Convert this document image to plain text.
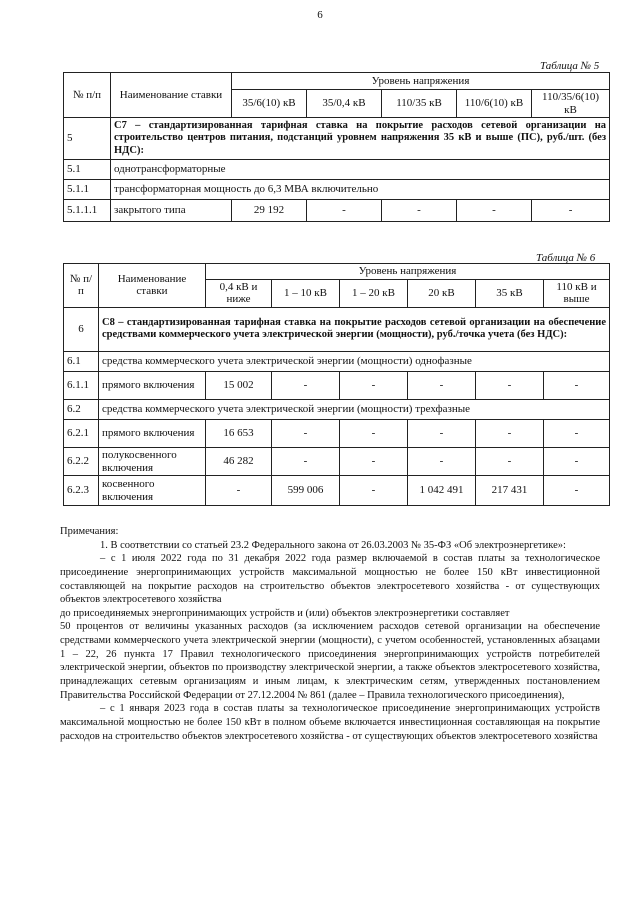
6
Таблица № 5
№ п/п	Наименование ставки	Уровень напряжения				
		35/6(10) кВ	35/0,4 кВ	110/35 кВ	110/6(10) кВ	110/35/6(10) кВ
5	С7 – стандартизированная тарифная ставка на покрытие расходов сетевой организации на строительство центров питания, подстанций уровнем напряжения 35 кВ и выше (ПС), руб./шт. (без НДС):					
5.1	однотрансформаторные					
5.1.1	трансформаторная мощность до 6,3 МВА включительно					
5.1.1.1	закрытого типа	29 192	-	-	-	-
Таблица № 6
№ п/п	Наименование ставки	Уровень напряжения					
		0,4 кВ и ниже	1 – 10 кВ	1 – 20 кВ	20 кВ	35 кВ	110 кВ и выше
6	С8 – стандартизированная тарифная ставка на покрытие расходов сетевой организации на обеспечение средствами коммерческого учета электрической энергии (мощности), руб./точка учета (без НДС):						
6.1	средства коммерческого учета электрической энергии (мощности) однофазные						
6.1.1	прямого включения	15 002	-	-	-	-	-
6.2	средства коммерческого учета электрической энергии (мощности) трехфазные						
6.2.1	прямого включения	16 653	-	-	-	-	-
6.2.2	полукосвенного включения	46 282	-	-	-	-	-
6.2.3	косвенного включения	-	599 006	-	1 042 491	217 431	-

Примечания:

1. В соответствии со статьей 23.2 Федерального закона от 26.03.2003 № 35-ФЗ «Об электроэнергетике»:

– с 1 июля 2022 года по 31 декабря 2022 года размер включаемой в состав платы за технологическое присоединение энергопринимающих устройств максимальной мощностью не более 150 кВт инвестиционной составляющей на покрытие расходов на строительство объектов электросетевого хозяйства - от существующих объектов электросетевого хозяйства

до присоединяемых энергопринимающих устройств и (или) объектов электроэнергетики составляет

50 процентов от величины указанных расходов (за исключением расходов сетевой организации на обеспечение средствами коммерческого учета электрической энергии (мощности), с учетом особенностей, установленных абзацами 1 – 22, 26 пункта 17 Правил технологического присоединения энергопринимающих устройств потребителей электрической энергии, объектов по производству электрической энергии, а также объектов электросетевого хозяйства, принадлежащих сетевым организациям и иным лицам, к электрическим сетям, утвержденных постановлением Правительства Российской Федерации от 27.12.2004 № 861 (далее – Правила технологического присоединения),

– с 1 января 2023 года в состав платы за технологическое присоединение энергопринимающих устройств максимальной мощностью не более 150 кВт в полном объеме включается инвестиционная составляющая на покрытие расходов на строительство объектов электросетевого хозяйства - от существующих объектов электросетевого хозяйства
